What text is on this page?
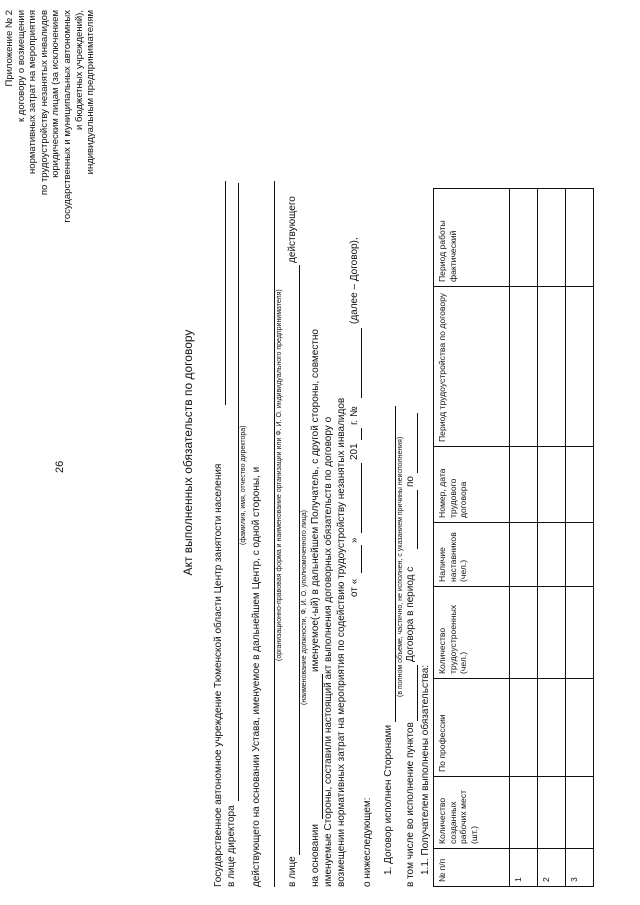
Приложение № 2 к договору о возмещении нормативных затрат на мероприятия по трудоустройству незанятых инвалидов юридическим лицам (за исключением государственных и муниципальных автономных и бюджетных учреждений), индивидуальным предпринимателям
26	Акт выполненных обязательств по договору
Государственное автономное учреждение Тюменской области Центр занятости населения в лице директора
(фамилия, имя, отчество директора) действующего на основании Устава, именуемое в дальнейшем Центр, с одной стороны, и (организационно-правовая форма и наименование организации или Ф. И. О. индивидуального предпринимателя)
в лице
действующего
(наименование должности, Ф. И. О. уполномоченного лица)
на основании
именуемое(-ый) в дальнейшем Получатель, с другой стороны, совместно именуемые Стороны, составили настоящий акт выполнения договорных обязательств по договору о возмещении нормативных затрат на мероприятия по содействию трудоустройству незанятых инвалидов от «
»
201
г. №
(далее – Договор),
о нижеследующем: 1. Договор исполнен Сторонами
(в полном объеме, частично, не исполнен, с указанием причины неисполнения)
в том числе во исполнение пунктов
Договора в период с
по
1.1. Получателем выполнены обязательства: № п/п	Количество созданных рабочих мест (шт.)	По профессии	Количество трудоустроенных (чел.)	Наличие наставников (чел.)	Номер, дата трудового договора	Период трудоустройства по договору	Период работы фактический
1							
2							
3							
